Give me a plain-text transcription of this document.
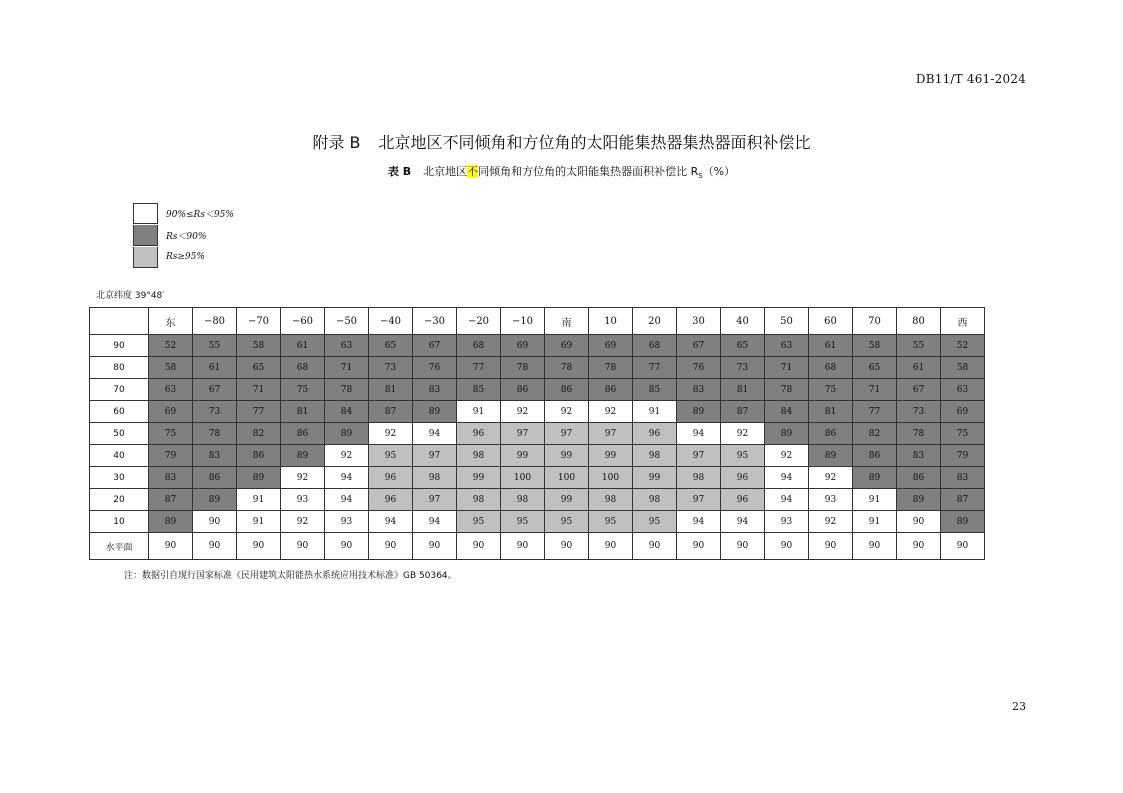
DB11/T 461-2024
附录 B 北京地区不同倾角和方位角的太阳能集热器集热器面积补偿比
表 B 北京地区不同倾角和方位角的太阳能集热器面积补偿比 $R_S(\%)$
90%≤Rs＜95%
Rs＜90%
Rs≥95%
北京纬度 39°48′
	东	−80	−70	−60	−50	−40	−30	−20	−10	南	10	20	30	40	50	60	70	80	西
90	52	55	58	61	63	65	67	68	69	69	69	68	67	65	63	61	58	55	52
80	58	61	65	68	71	73	76	77	78	78	78	77	76	73	71	68	65	61	58
70	63	67	71	75	78	81	83	85	86	86	86	85	83	81	78	75	71	67	63
60	69	73	77	81	84	87	89	91	92	92	92	91	89	87	84	81	77	73	69
50	75	78	82	86	89	92	94	96	97	97	97	96	94	92	89	86	82	78	75
40	79	83	86	89	92	95	97	98	99	99	99	98	97	95	92	89	86	83	79
30	83	86	89	92	94	96	98	99	100	100	100	99	98	96	94	92	89	86	83
20	87	89	91	93	94	96	97	98	98	99	98	98	97	96	94	93	91	89	87
10	89	90	91	92	93	94	94	95	95	95	95	95	94	94	93	92	91	90	89
水平面	90	90	90	90	90	90	90	90	90	90	90	90	90	90	90	90	90	90	90
注：数据引自现行国家标准《民用建筑太阳能热水系统应用技术标准》GB 50364。
23
